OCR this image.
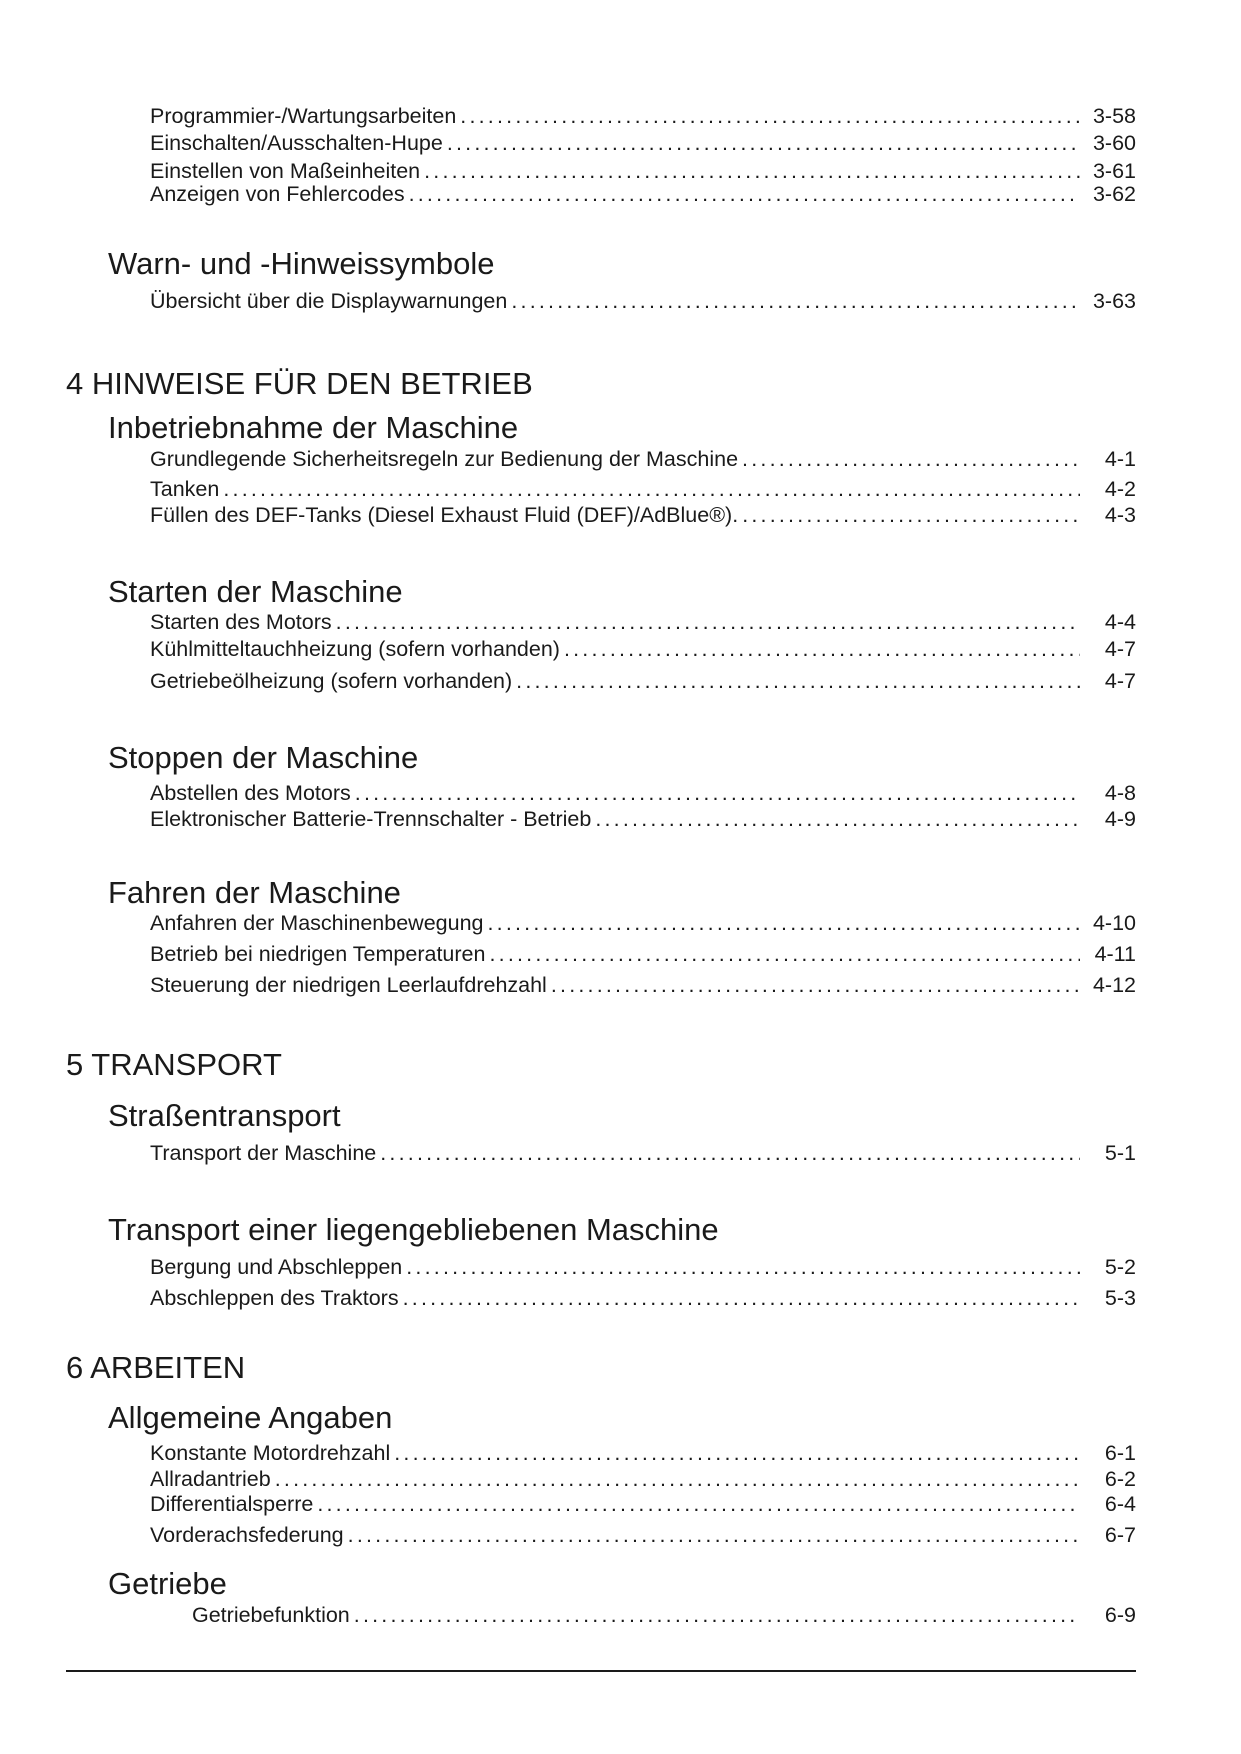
Programmier-/Wartungsarbeiten .....	3-58
Einschalten/Ausschalten-Hupe .....	3-60
Einstellen von Maßeinheiten .....	3-61
Anzeigen von Fehlercodes .....	3-62
Warn- und -Hinweissymbole
Übersicht über die Displaywarnungen .....	3-63
4 HINWEISE FÜR DEN BETRIEB
Inbetriebnahme der Maschine
Grundlegende Sicherheitsregeln zur Bedienung der Maschine .....	4-1
Tanken .....	4-2
Füllen des DEF-Tanks (Diesel Exhaust Fluid (DEF)/AdBlue®). .....	4-3
Starten der Maschine
Starten des Motors .....	4-4
Kühlmitteltauchheizung (sofern vorhanden) .....	4-7
Getriebeölheizung (sofern vorhanden) .....	4-7
Stoppen der Maschine
Abstellen des Motors .....	4-8
Elektronischer Batterie-Trennschalter - Betrieb .....	4-9
Fahren der Maschine
Anfahren der Maschinenbewegung .....	4-10
Betrieb bei niedrigen Temperaturen .....	4-11
Steuerung der niedrigen Leerlaufdrehzahl .....	4-12
5 TRANSPORT
Straßentransport
Transport der Maschine .....	5-1
Transport einer liegengebliebenen Maschine
Bergung und Abschleppen .....	5-2
Abschleppen des Traktors .....	5-3
6 ARBEITEN
Allgemeine Angaben
Konstante Motordrehzahl .....	6-1
Allradantrieb .....	6-2
Differentialsperre .....	6-4
Vorderachsfederung .....	6-7
Getriebe
Getriebefunktion .....	6-9
